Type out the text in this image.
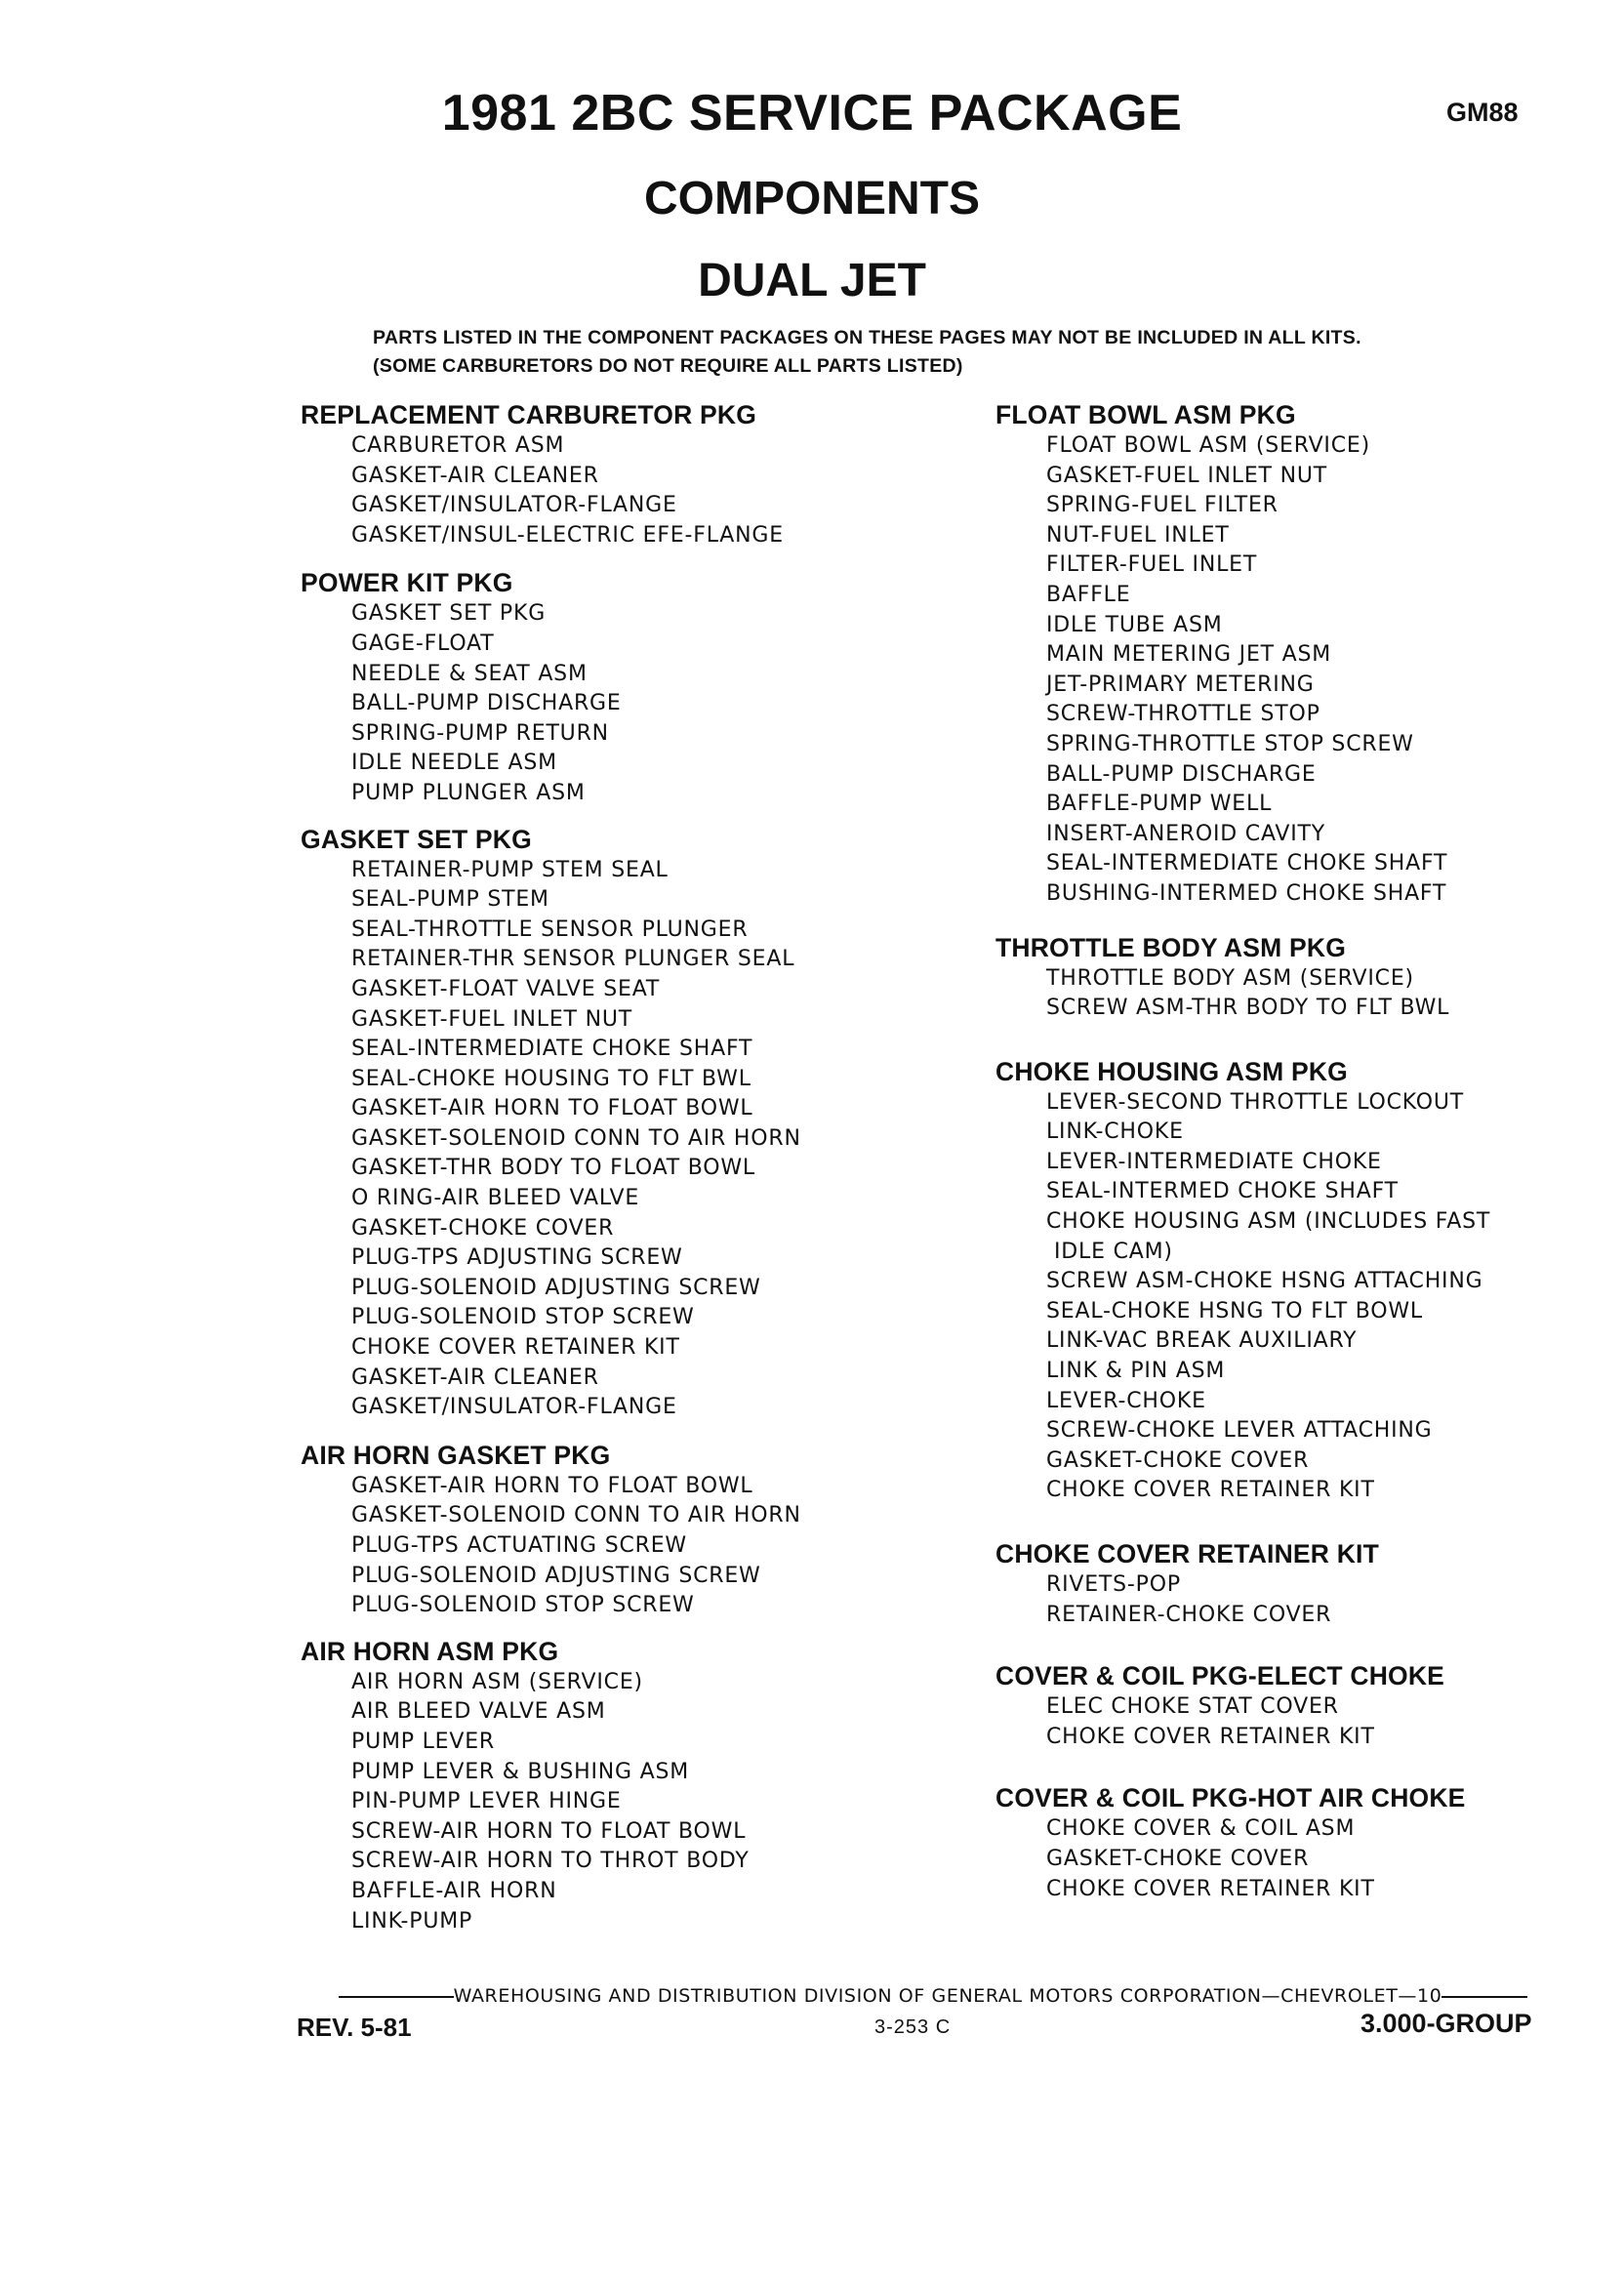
1981 2BC SERVICE PACKAGE	GM88
COMPONENTS
DUAL JET
PARTS LISTED IN THE COMPONENT PACKAGES ON THESE PAGES MAY NOT BE INCLUDED IN ALL KITS.
(SOME CARBURETORS DO NOT REQUIRE ALL PARTS LISTED)
REPLACEMENT CARBURETOR PKG
CARBURETOR ASM
GASKET-AIR CLEANER
GASKET/INSULATOR-FLANGE
GASKET/INSUL-ELECTRIC EFE-FLANGE
POWER KIT PKG
GASKET SET PKG
GAGE-FLOAT
NEEDLE & SEAT ASM
BALL-PUMP DISCHARGE
SPRING-PUMP RETURN
IDLE NEEDLE ASM
PUMP PLUNGER ASM
GASKET SET PKG
RETAINER-PUMP STEM SEAL
SEAL-PUMP STEM
SEAL-THROTTLE SENSOR PLUNGER
RETAINER-THR SENSOR PLUNGER SEAL
GASKET-FLOAT VALVE SEAT
GASKET-FUEL INLET NUT
SEAL-INTERMEDIATE CHOKE SHAFT
SEAL-CHOKE HOUSING TO FLT BWL
GASKET-AIR HORN TO FLOAT BOWL
GASKET-SOLENOID CONN TO AIR HORN
GASKET-THR BODY TO FLOAT BOWL
O RING-AIR BLEED VALVE
GASKET-CHOKE COVER
PLUG-TPS ADJUSTING SCREW
PLUG-SOLENOID ADJUSTING SCREW
PLUG-SOLENOID STOP SCREW
CHOKE COVER RETAINER KIT
GASKET-AIR CLEANER
GASKET/INSULATOR-FLANGE
AIR HORN GASKET PKG
GASKET-AIR HORN TO FLOAT BOWL
GASKET-SOLENOID CONN TO AIR HORN
PLUG-TPS ACTUATING SCREW
PLUG-SOLENOID ADJUSTING SCREW
PLUG-SOLENOID STOP SCREW
AIR HORN ASM PKG
AIR HORN ASM (SERVICE)
AIR BLEED VALVE ASM
PUMP LEVER
PUMP LEVER & BUSHING ASM
PIN-PUMP LEVER HINGE
SCREW-AIR HORN TO FLOAT BOWL
SCREW-AIR HORN TO THROT BODY
BAFFLE-AIR HORN
LINK-PUMP
FLOAT BOWL ASM PKG
FLOAT BOWL ASM (SERVICE)
GASKET-FUEL INLET NUT
SPRING-FUEL FILTER
NUT-FUEL INLET
FILTER-FUEL INLET
BAFFLE
IDLE TUBE ASM
MAIN METERING JET ASM
JET-PRIMARY METERING
SCREW-THROTTLE STOP
SPRING-THROTTLE STOP SCREW
BALL-PUMP DISCHARGE
BAFFLE-PUMP WELL
INSERT-ANEROID CAVITY
SEAL-INTERMEDIATE CHOKE SHAFT
BUSHING-INTERMED CHOKE SHAFT
THROTTLE BODY ASM PKG
THROTTLE BODY ASM (SERVICE)
SCREW ASM-THR BODY TO FLT BWL
CHOKE HOUSING ASM PKG
LEVER-SECOND THROTTLE LOCKOUT
LINK-CHOKE
LEVER-INTERMEDIATE CHOKE
SEAL-INTERMED CHOKE SHAFT
CHOKE HOUSING ASM (INCLUDES FAST
IDLE CAM)
SCREW ASM-CHOKE HSNG ATTACHING
SEAL-CHOKE HSNG TO FLT BOWL
LINK-VAC BREAK AUXILIARY
LINK & PIN ASM
LEVER-CHOKE
SCREW-CHOKE LEVER ATTACHING
GASKET-CHOKE COVER
CHOKE COVER RETAINER KIT
CHOKE COVER RETAINER KIT
RIVETS-POP
RETAINER-CHOKE COVER
COVER & COIL PKG-ELECT CHOKE
ELEC CHOKE STAT COVER
CHOKE COVER RETAINER KIT
COVER & COIL PKG-HOT AIR CHOKE
CHOKE COVER & COIL ASM
GASKET-CHOKE COVER
CHOKE COVER RETAINER KIT
WAREHOUSING AND DISTRIBUTION DIVISION OF GENERAL MOTORS CORPORATION—CHEVROLET—10
REV. 5-81	3-253 C	3.000-GROUP
